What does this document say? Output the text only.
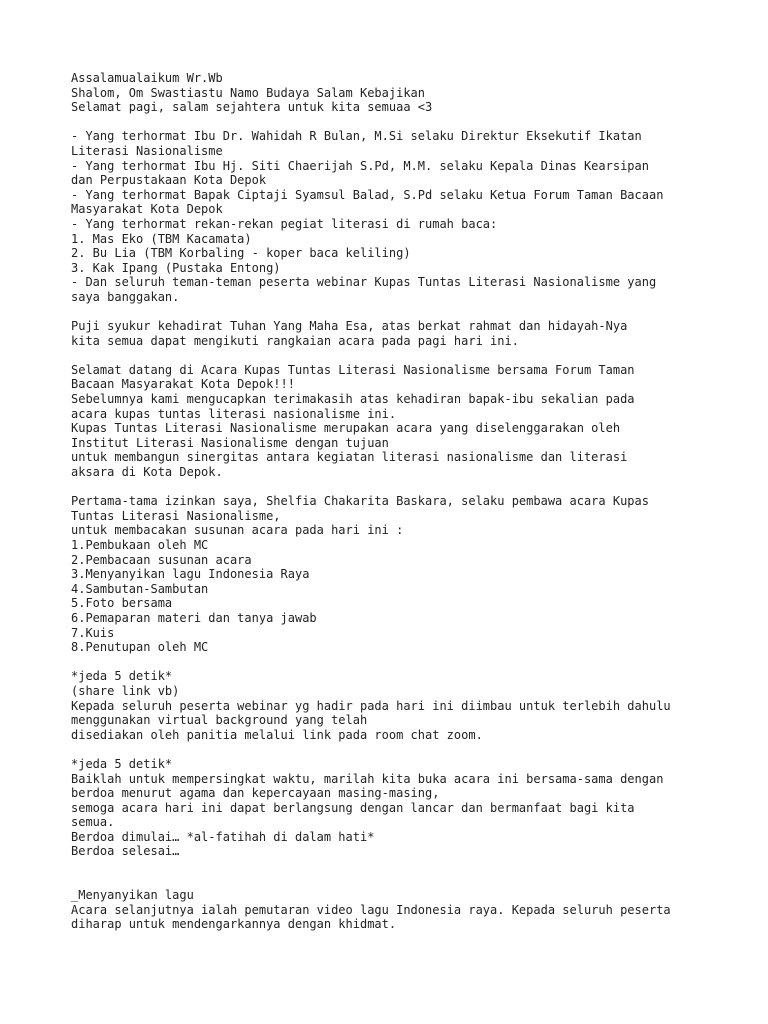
Assalamualaikum Wr.Wb
Shalom, Om Swastiastu Namo Budaya Salam Kebajikan
Selamat pagi, salam sejahtera untuk kita semuaa <3
- Yang terhormat Ibu Dr. Wahidah R Bulan, M.Si selaku Direktur Eksekutif Ikatan
Literasi Nasionalisme
- Yang terhormat Ibu Hj. Siti Chaerijah S.Pd, M.M. selaku Kepala Dinas Kearsipan
dan Perpustakaan Kota Depok
- Yang terhormat Bapak Ciptaji Syamsul Balad, S.Pd selaku Ketua Forum Taman Bacaan
Masyarakat Kota Depok
- Yang terhormat rekan-rekan pegiat literasi di rumah baca:
1. Mas Eko (TBM Kacamata)
2. Bu Lia (TBM Korbaling - koper baca keliling)
3. Kak Ipang (Pustaka Entong)
- Dan seluruh teman-teman peserta webinar Kupas Tuntas Literasi Nasionalisme yang
saya banggakan.
Puji syukur kehadirat Tuhan Yang Maha Esa, atas berkat rahmat dan hidayah-Nya
kita semua dapat mengikuti rangkaian acara pada pagi hari ini.
Selamat datang di Acara Kupas Tuntas Literasi Nasionalisme bersama Forum Taman
Bacaan Masyarakat Kota Depok!!!
Sebelumnya kami mengucapkan terimakasih atas kehadiran bapak-ibu sekalian pada
acara kupas tuntas literasi nasionalisme ini.
Kupas Tuntas Literasi Nasionalisme merupakan acara yang diselenggarakan oleh
Institut Literasi Nasionalisme dengan tujuan
untuk membangun sinergitas antara kegiatan literasi nasionalisme dan literasi
aksara di Kota Depok.
Pertama-tama izinkan saya, Shelfia Chakarita Baskara, selaku pembawa acara Kupas
Tuntas Literasi Nasionalisme,
untuk membacakan susunan acara pada hari ini :
1.Pembukaan oleh MC
2.Pembacaan susunan acara
3.Menyanyikan lagu Indonesia Raya
4.Sambutan-Sambutan
5.Foto bersama
6.Pemaparan materi dan tanya jawab
7.Kuis
8.Penutupan oleh MC
*jeda 5 detik*
(share link vb)
Kepada seluruh peserta webinar yg hadir pada hari ini diimbau untuk terlebih dahulu
menggunakan virtual background yang telah
disediakan oleh panitia melalui link pada room chat zoom.
*jeda 5 detik*
Baiklah untuk mempersingkat waktu, marilah kita buka acara ini bersama-sama dengan
berdoa menurut agama dan kepercayaan masing-masing,
semoga acara hari ini dapat berlangsung dengan lancar dan bermanfaat bagi kita
semua.
Berdoa dimulai… *al-fatihah di dalam hati*
Berdoa selesai…
_Menyanyikan lagu
Acara selanjutnya ialah pemutaran video lagu Indonesia raya. Kepada seluruh peserta
diharap untuk mendengarkannya dengan khidmat.
